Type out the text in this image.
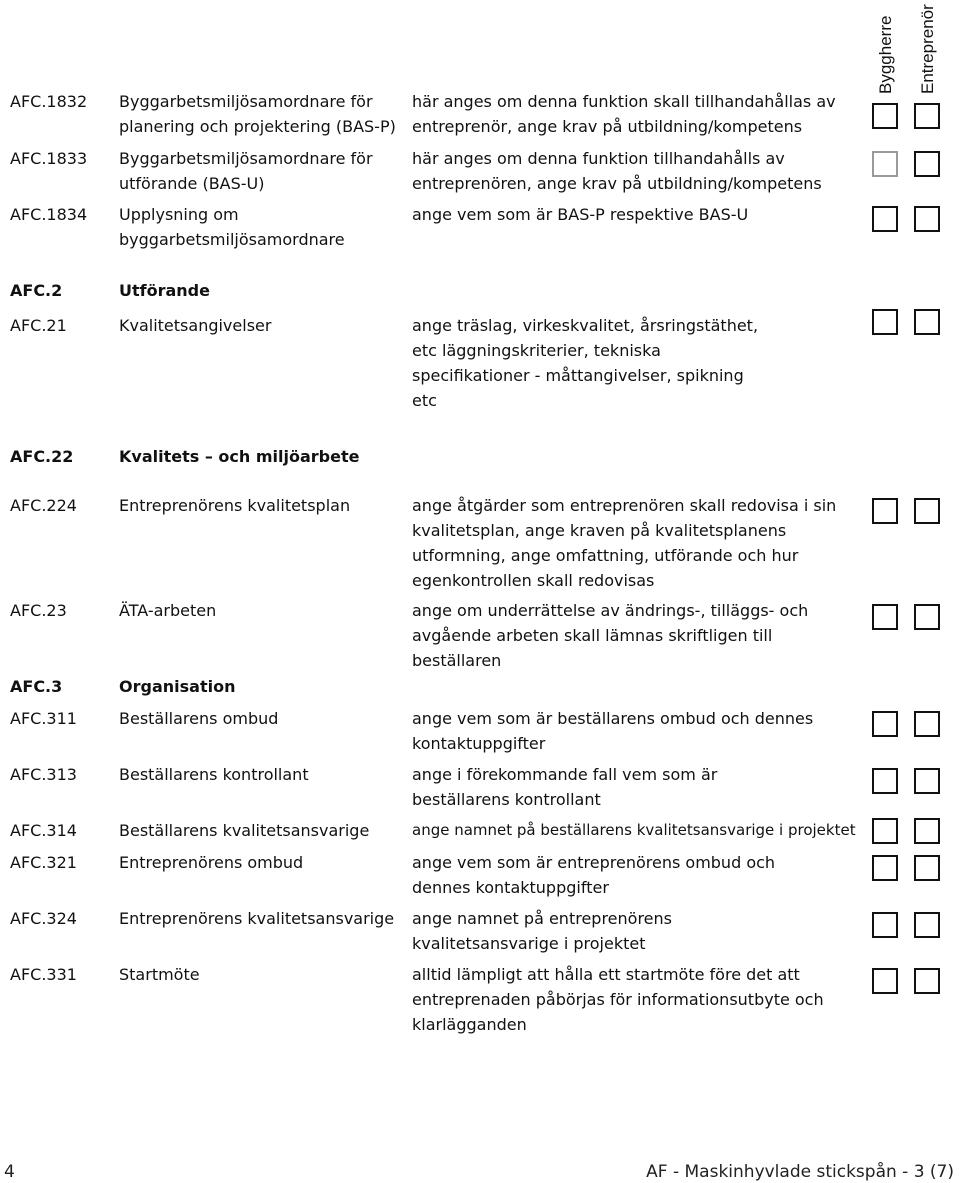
Byggherre Entreprenör
AFC.1832 Byggarbetsmiljösamordnare för planering och projektering (BAS-P)
här anges om denna funktion skall tillhandahållas av entreprenör, ange krav på utbildning/kompetens
AFC.1833 Byggarbetsmiljösamordnare för utförande (BAS-U)
här anges om denna funktion tillhandahålls av entreprenören, ange krav på utbildning/kompetens
AFC.1834 Upplysning om byggarbetsmiljösamordnare
ange vem som är BAS-P respektive BAS-U
AFC.2	Utförande
AFC.21	Kvalitetsangivelser	ange träslag, virkeskvalitet, årsringstäthet, etc läggningskriterier, tekniska specifikationer - måttangivelser, spikning etc
AFC.22	Kvalitets – och miljöarbete
AFC.224	Entreprenörens kvalitetsplan	ange åtgärder som entreprenören skall redovisa i sin kvalitetsplan, ange kraven på kvalitetsplanens utformning, ange omfattning, utförande och hur egenkontrollen skall redovisas
AFC.23	ÄTA-arbeten	ange om underrättelse av ändrings-, tilläggs- och avgående arbeten skall lämnas skriftligen till beställaren
AFC.3	Organisation
AFC.311	Beställarens ombud	ange vem som är beställarens ombud och dennes kontaktuppgifter
AFC.313	Beställarens kontrollant	ange i förekommande fall vem som är beställarens kontrollant
AFC.314	Beställarens kvalitetsansvarige	ange namnet på beställarens kvalitetsansvarige i projektet
AFC.321	Entreprenörens ombud	ange vem som är entreprenörens ombud och dennes kontaktuppgifter
AFC.324	Entreprenörens kvalitetsansvarige	ange namnet på entreprenörens kvalitetsansvarige i projektet
AFC.331	Startmöte	alltid lämpligt att hålla ett startmöte före det att entreprenaden påbörjas för informationsutbyte och klarlägganden
4	AF - Maskinhyvlade stickspån - 3 (7)
